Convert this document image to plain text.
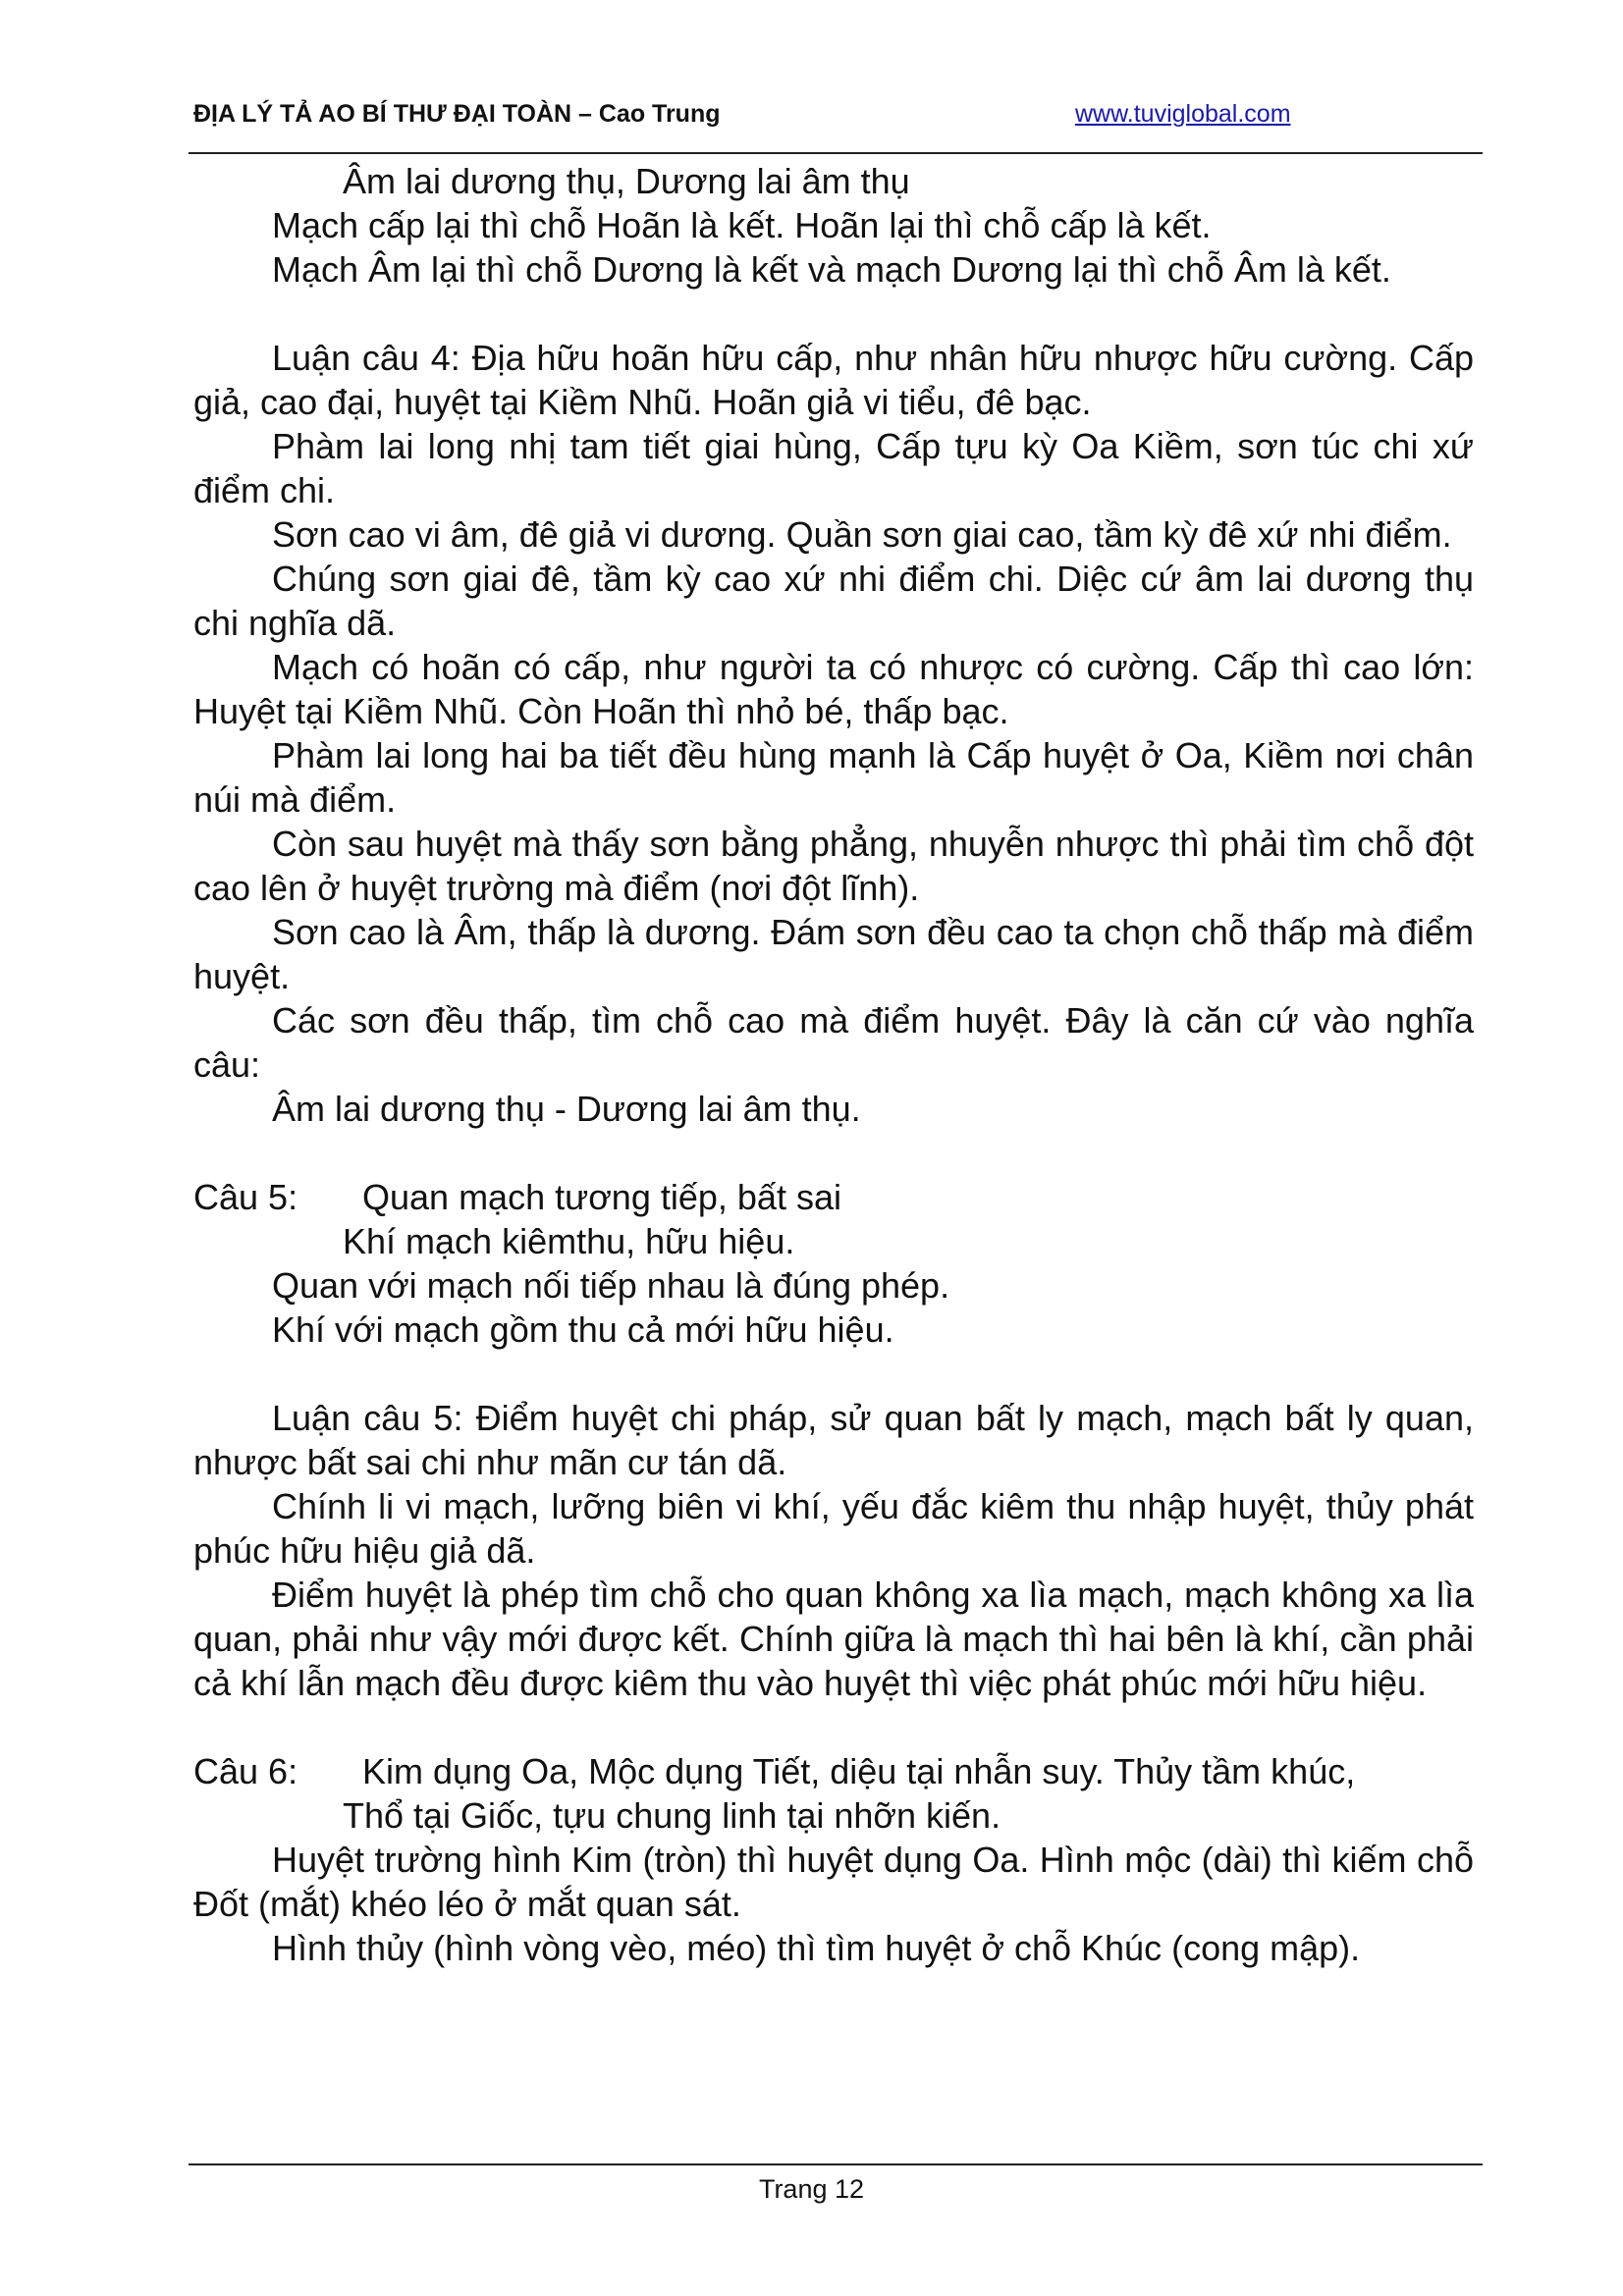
ĐỊA LÝ TẢ AO BÍ THƯ ĐẠI TOÀN – Cao Trung	www.tuviglobal.com

Âm lai dương thụ, Dương lai âm thụ

Mạch cấp lại thì chỗ Hoãn là kết. Hoãn lại thì chỗ cấp là kết.

Mạch Âm lại thì chỗ Dương là kết và mạch Dương lại thì chỗ Âm là kết.

Luận câu 4: Địa hữu hoãn hữu cấp, như nhân hữu nhược hữu cường. Cấp giả, cao đại, huyệt tại Kiềm Nhũ. Hoãn giả vi tiểu, đê bạc.

Phàm lai long nhị tam tiết giai hùng, Cấp tựu kỳ Oa Kiềm, sơn túc chi xứ điểm chi.

Sơn cao vi âm, đê giả vi dương. Quần sơn giai cao, tầm kỳ đê xứ nhi điểm.

Chúng sơn giai đê, tầm kỳ cao xứ nhi điểm chi. Diệc cứ âm lai dương thụ chi nghĩa dã.

Mạch có hoãn có cấp, như người ta có nhược có cường. Cấp thì cao lớn: Huyệt tại Kiềm Nhũ. Còn Hoãn thì nhỏ bé, thấp bạc.

Phàm lai long hai ba tiết đều hùng mạnh là Cấp huyệt ở Oa, Kiềm nơi chân núi mà điểm.

Còn sau huyệt mà thấy sơn bằng phẳng, nhuyễn nhược thì phải tìm chỗ đột cao lên ở huyệt trường mà điểm (nơi đột lĩnh).

Sơn cao là Âm, thấp là dương. Đám sơn đều cao ta chọn chỗ thấp mà điểm huyệt.

Các sơn đều thấp, tìm chỗ cao mà điểm huyệt. Đây là căn cứ vào nghĩa câu:

Âm lai dương thụ - Dương lai âm thụ.

Câu 5: Quan mạch tương tiếp, bất sai

Khí mạch kiêmthu, hữu hiệu.

Quan với mạch nối tiếp nhau là đúng phép.

Khí với mạch gồm thu cả mới hữu hiệu.

Luận câu 5: Điểm huyệt chi pháp, sử quan bất ly mạch, mạch bất ly quan, nhược bất sai chi như mãn cư tán dã.

Chính li vi mạch, lưỡng biên vi khí, yếu đắc kiêm thu nhập huyệt, thủy phát phúc hữu hiệu giả dã.

Điểm huyệt là phép tìm chỗ cho quan không xa lìa mạch, mạch không xa lìa quan, phải như vậy mới được kết. Chính giữa là mạch thì hai bên là khí, cần phải cả khí lẫn mạch đều được kiêm thu vào huyệt thì việc phát phúc mới hữu hiệu.

Câu 6: Kim dụng Oa, Mộc dụng Tiết, diệu tại nhẫn suy. Thủy tầm khúc,

Thổ tại Giốc, tựu chung linh tại nhỡn kiến.

Huyệt trường hình Kim (tròn) thì huyệt dụng Oa. Hình mộc (dài) thì kiếm chỗ Đốt (mắt) khéo léo ở mắt quan sát.

Hình thủy (hình vòng vèo, méo) thì tìm huyệt ở chỗ Khúc (cong mập).

Trang 12
